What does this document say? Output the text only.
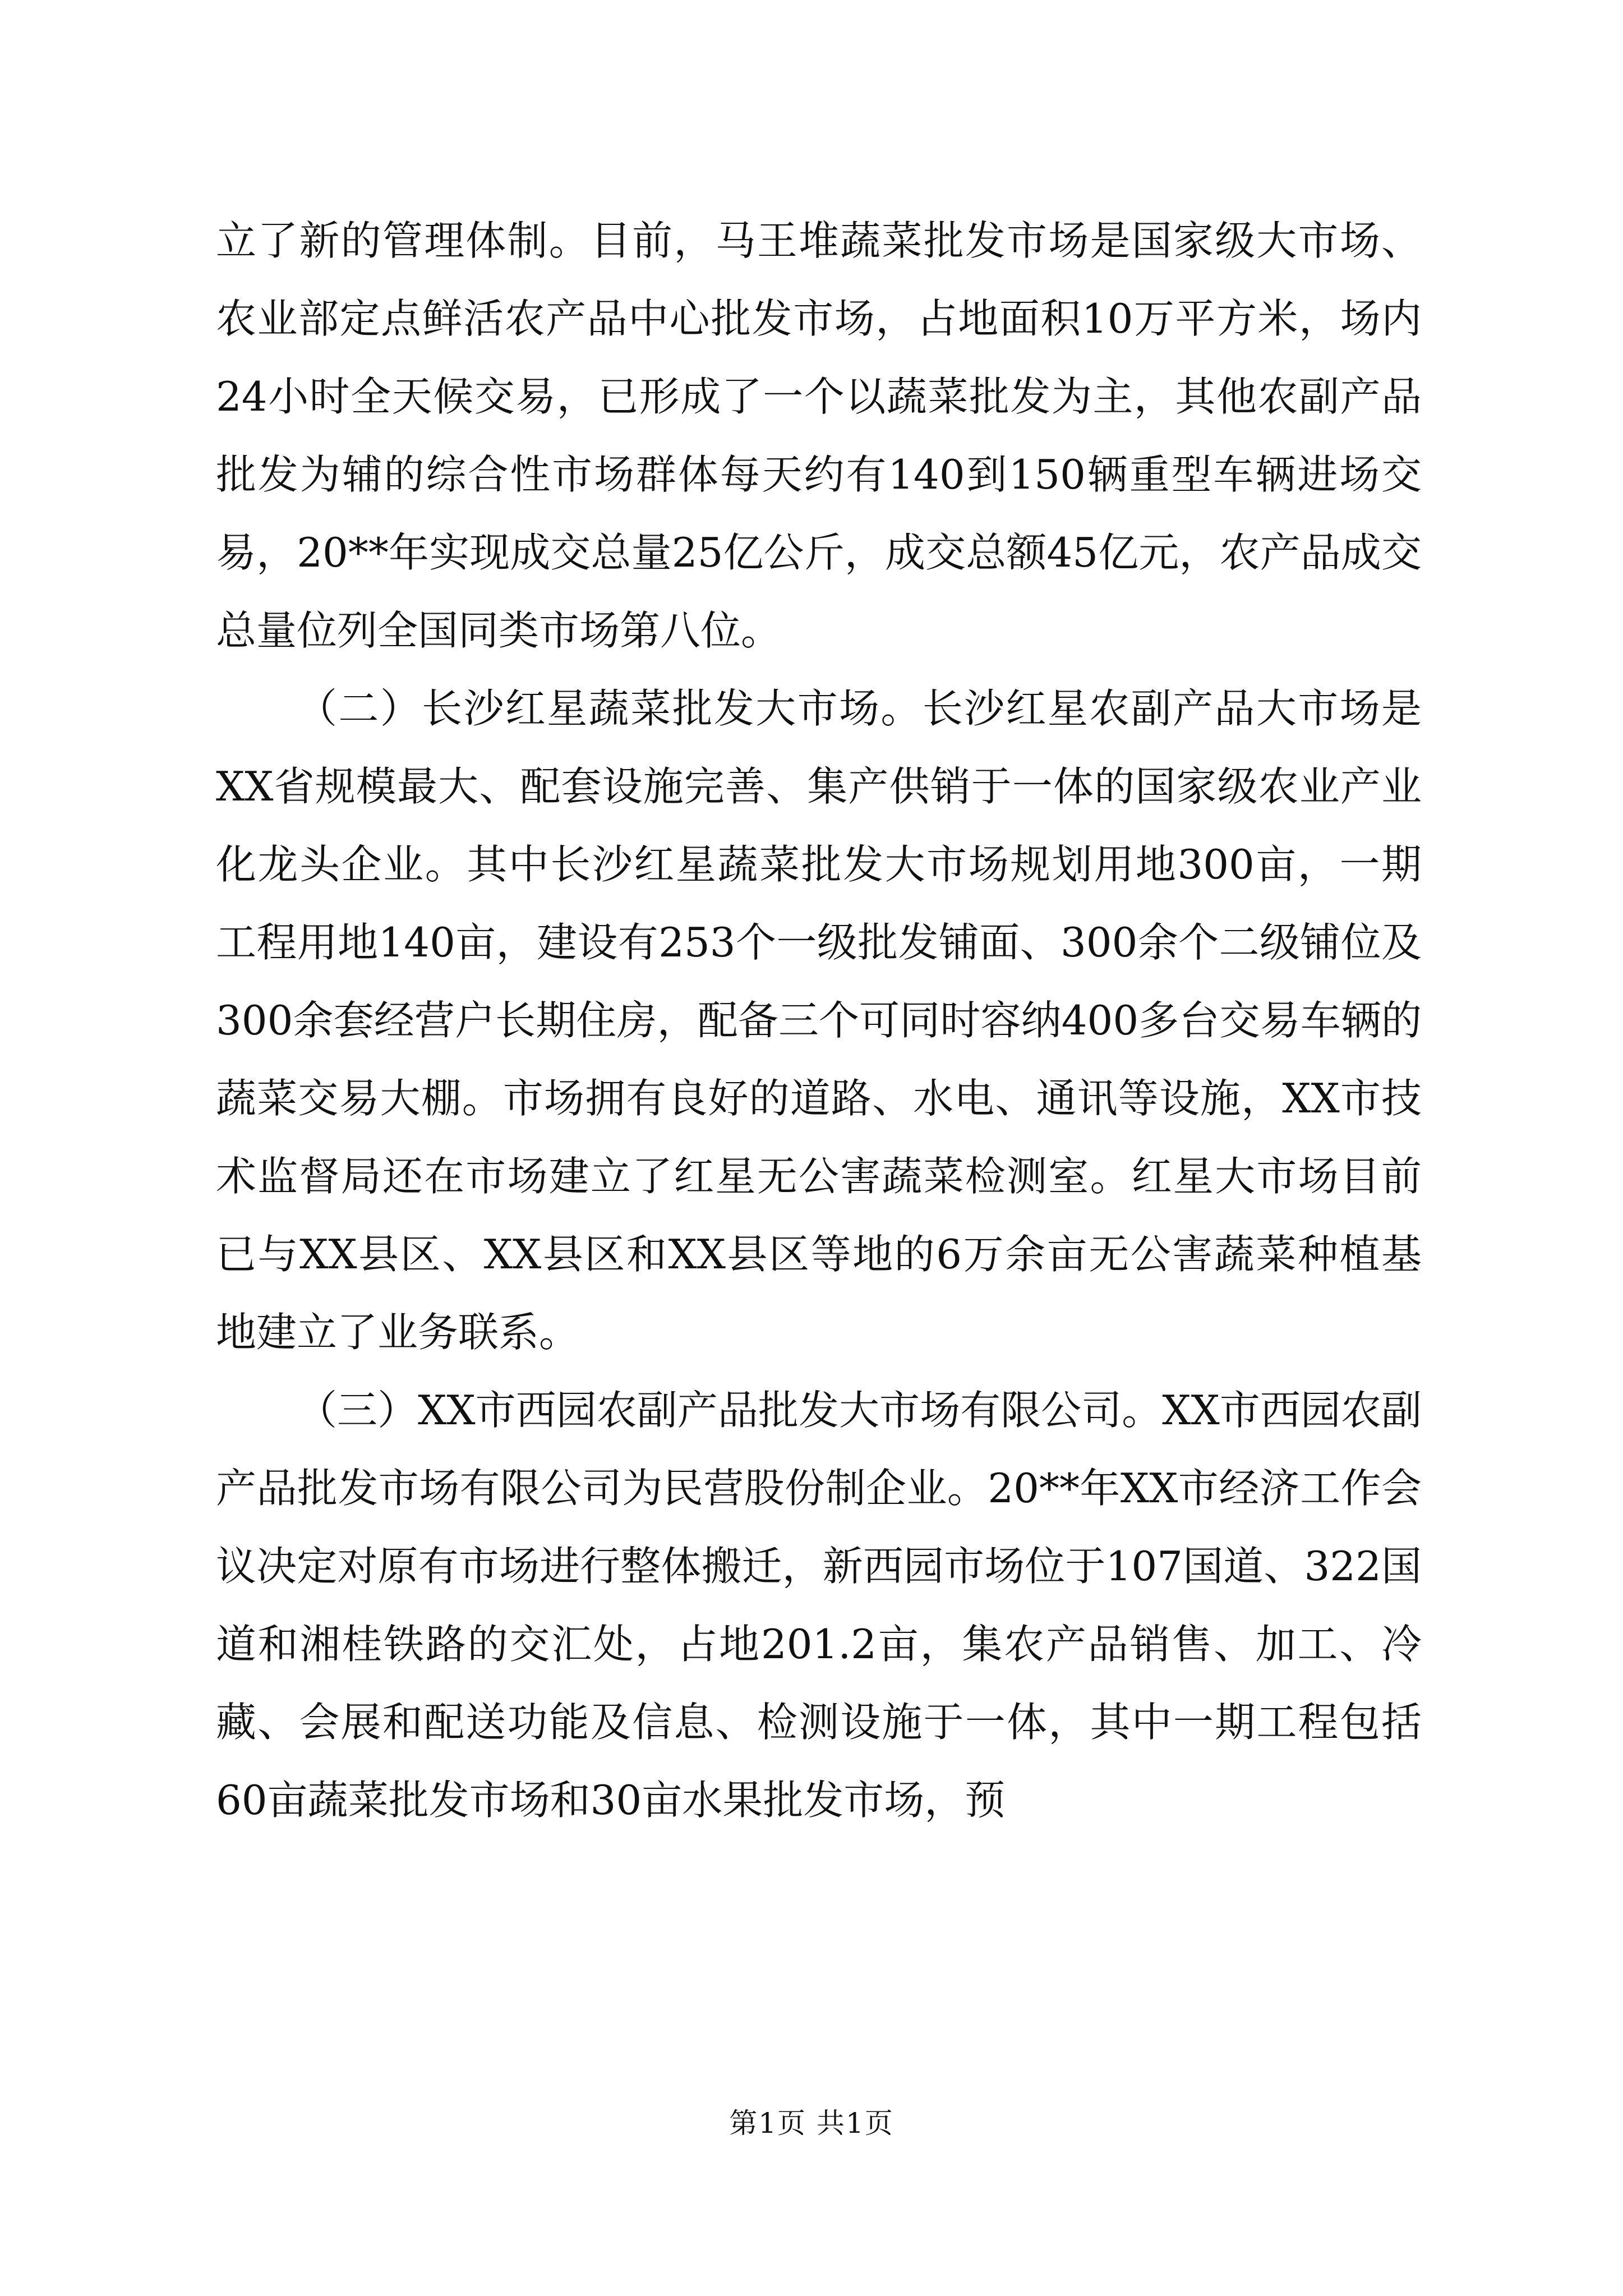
立了新的管理体制。目前，马王堆蔬菜批发市场是国家级大市场、农业部定点鲜活农产品中心批发市场，占地面积10万平方米，场内24小时全天候交易，已形成了一个以蔬菜批发为主，其他农副产品批发为辅的综合性市场群体每天约有140到150辆重型车辆进场交易，20**年实现成交总量25亿公斤，成交总额45亿元，农产品成交总量位列全国同类市场第八位。

（二）长沙红星蔬菜批发大市场。长沙红星农副产品大市场是XX省规模最大、配套设施完善、集产供销于一体的国家级农业产业化龙头企业。其中长沙红星蔬菜批发大市场规划用地300亩，一期工程用地140亩，建设有253个一级批发铺面、300余个二级铺位及300余套经营户长期住房，配备三个可同时容纳400多台交易车辆的蔬菜交易大棚。市场拥有良好的道路、水电、通讯等设施，XX市技术监督局还在市场建立了红星无公害蔬菜检测室。红星大市场目前已与XX县区、XX县区和XX县区等地的6万余亩无公害蔬菜种植基地建立了业务联系。

（三）XX市西园农副产品批发大市场有限公司。XX市西园农副产品批发市场有限公司为民营股份制企业。20**年XX市经济工作会议决定对原有市场进行整体搬迁，新西园市场位于107国道、322国道和湘桂铁路的交汇处，占地201.2亩，集农产品销售、加工、冷藏、会展和配送功能及信息、检测设施于一体，其中一期工程包括60亩蔬菜批发市场和30亩水果批发市场，预

第1页 共1页
